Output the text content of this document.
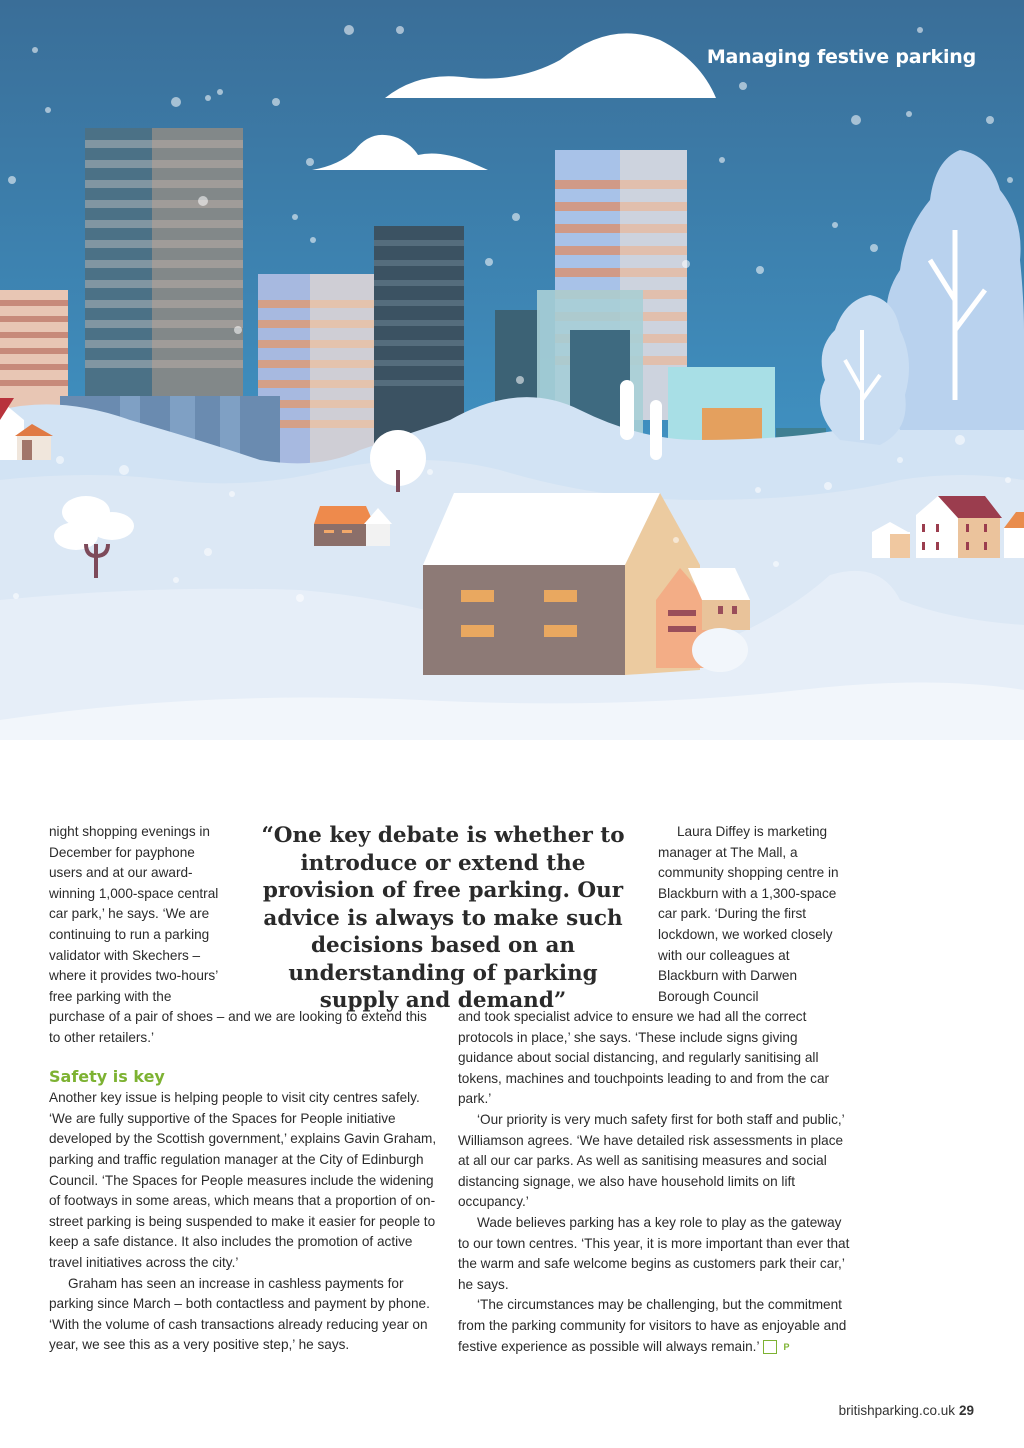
Managing festive parking

night shopping evenings in December for payphone users and at our award-winning 1,000-space central car park,’ he says. ‘We are continuing to run a parking validator with Skechers – where it provides two-hours’ free parking with the

purchase of a pair of shoes – and we are looking to extend this to other retailers.’

Safety is key

Another key issue is helping people to visit city centres safely. ‘We are fully supportive of the Spaces for People initiative developed by the Scottish government,’ explains Gavin Graham, parking and traffic regulation manager at the City of Edinburgh Council. ‘The Spaces for People measures include the widening of footways in some areas, which means that a proportion of on-street parking is being suspended to make it easier for people to keep a safe distance. It also includes the promotion of active travel initiatives across the city.’

Graham has seen an increase in cashless payments for parking since March – both contactless and payment by phone. ‘With the volume of cash transactions already reducing year on year, we see this as a very positive step,’ he says.

“One key debate is whether to introduce or extend the provision of free parking. Our advice is always to make such decisions based on an understanding of parking supply and demand”

Laura Diffey is marketing manager at The Mall, a community shopping centre in Blackburn with a 1,300-space car park. ‘During the first lockdown, we worked closely with our colleagues at Blackburn with Darwen Borough Council

and took specialist advice to ensure we had all the correct protocols in place,’ she says. ‘These include signs giving guidance about social distancing, and regularly sanitising all tokens, machines and touchpoints leading to and from the car park.’

‘Our priority is very much safety first for both staff and public,’ Williamson agrees. ‘We have detailed risk assessments in place at all our car parks. As well as sanitising measures and social distancing signage, we also have household limits on lift occupancy.’

Wade believes parking has a key role to play as the gateway to our town centres. ‘This year, it is more important than ever that the warm and safe welcome begins as customers park their car,’ he says.

‘The circumstances may be challenging, but the commitment from the parking community for visitors to have as enjoyable and festive experience as possible will always remain.’	P

britishparking.co.uk 29
